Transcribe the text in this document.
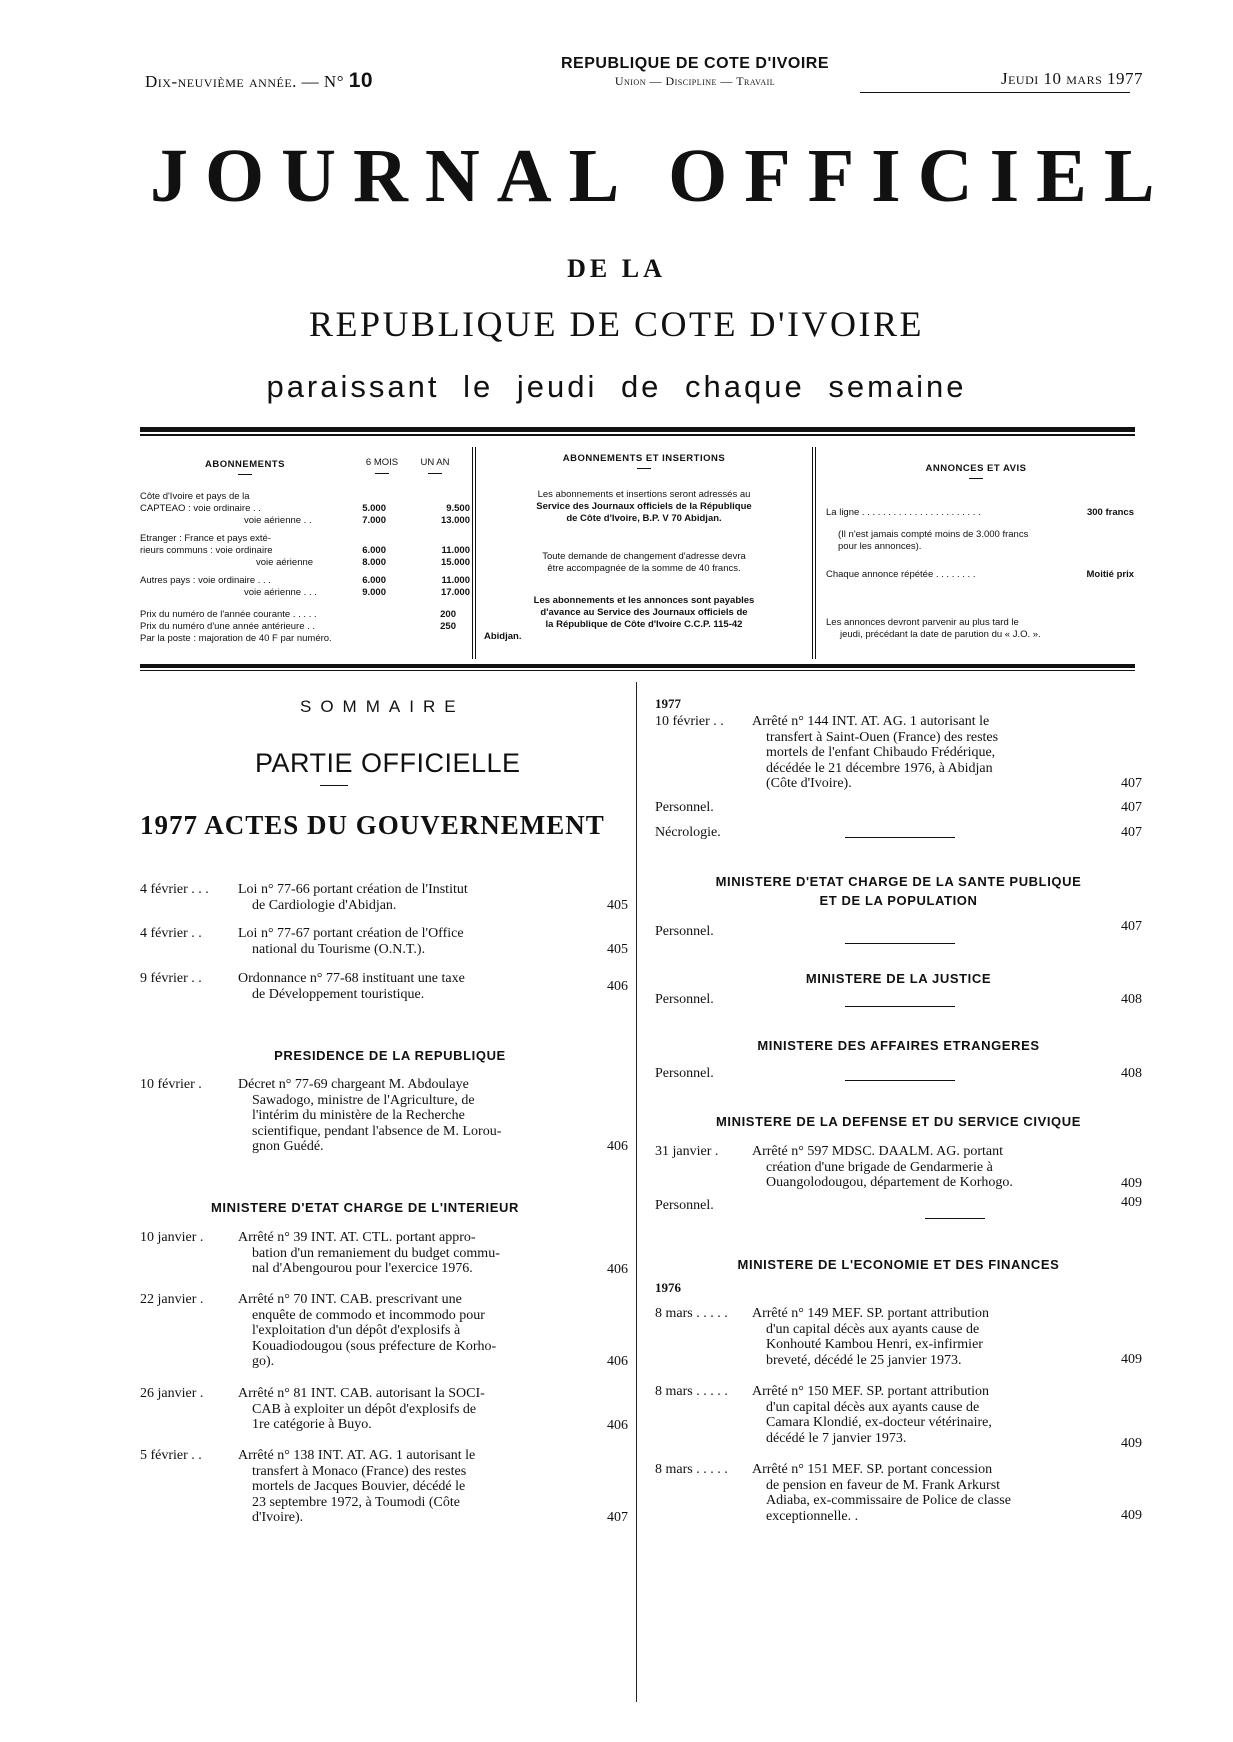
Dix-neuvième année. — N° 10
REPUBLIQUE DE COTE D'IVOIRE
Union — Discipline — Travail	Jeudi 10 mars 1977
JOURNAL OFFICIEL
DE LA
REPUBLIQUE DE COTE D'IVOIRE
paraissant le jeudi de chaque semaine
ABONNEMENTS	6 MOIS	UN AN
Côte d'Ivoire et pays de la
CAPTEAO : voie ordinaire . .	5.000	9.500
voie aérienne . .	7.000	13.000
Etranger : France et pays exté-
rieurs communs : voie ordinaire	6.000	11.000
voie aérienne	8.000	15.000
Autres pays : voie ordinaire . . .	6.000	11.000
voie aérienne . . .	9.000	17.000
Prix du numéro de l'année courante . . . . .	200
Prix du numéro d'une année antérieure . .	250
Par la poste : majoration de 40 F par numéro.
ABONNEMENTS ET INSERTIONS
Les abonnements et insertions seront adressés au
Service des Journaux officiels de la République
de Côte d'Ivoire, B.P. V 70 Abidjan.
Toute demande de changement d'adresse devra
être accompagnée de la somme de 40 francs.
Les abonnements et les annonces sont payables
d'avance au Service des Journaux officiels de
la République de Côte d'Ivoire C.C.P. 115-42
Abidjan.
ANNONCES ET AVIS
La ligne . . . . . . . . . . . . . . . . . . . . . . .	300 francs
(Il n'est jamais compté moins de 3.000 francs
pour les annonces).
Chaque annonce répétée . . . . . . . .	Moitié prix
Les annonces devront parvenir au plus tard le
jeudi, précédant la date de parution du « J.O. ».
SOMMAIRE
PARTIE OFFICIELLE
1977 ACTES DU GOUVERNEMENT
4 février . . .	Loi n° 77-66 portant création de l'Institut
de Cardiologie d'Abidjan.	405
4 février . .	Loi n° 77-67 portant création de l'Office
national du Tourisme (O.N.T.).	405
9 février . .	Ordonnance n° 77-68 instituant une taxe
de Développement touristique.	406
PRESIDENCE DE LA REPUBLIQUE
10 février .	Décret n° 77-69 chargeant M. Abdoulaye
Sawadogo, ministre de l'Agriculture, de
l'intérim du ministère de la Recherche
scientifique, pendant l'absence de M. Lorou-
gnon Guédé.	406
MINISTERE D'ETAT CHARGE DE L'INTERIEUR
10 janvier .	Arrêté n° 39 INT. AT. CTL. portant appro-
bation d'un remaniement du budget commu-
nal d'Abengourou pour l'exercice 1976.	406
22 janvier .	Arrêté n° 70 INT. CAB. prescrivant une
enquête de commodo et incommodo pour
l'exploitation d'un dépôt d'explosifs à
Kouadiodougou (sous préfecture de Korho-
go).	406
26 janvier .	Arrêté n° 81 INT. CAB. autorisant la SOCI-
CAB à exploiter un dépôt d'explosifs de
1re catégorie à Buyo.	406
5 février . .	Arrêté n° 138 INT. AT. AG. 1 autorisant le
transfert à Monaco (France) des restes
mortels de Jacques Bouvier, décédé le
23 septembre 1972, à Toumodi (Côte
d'Ivoire).	407
1977
10 février . .	Arrêté n° 144 INT. AT. AG. 1 autorisant le
transfert à Saint-Ouen (France) des restes
mortels de l'enfant Chibaudo Frédérique,
décédée le 21 décembre 1976, à Abidjan
(Côte d'Ivoire).	407
Personnel.	407
Nécrologie.	407
MINISTERE D'ETAT CHARGE DE LA SANTE PUBLIQUE
ET DE LA POPULATION
Personnel.	407
MINISTERE DE LA JUSTICE
Personnel.	408
MINISTERE DES AFFAIRES ETRANGERES
Personnel.	408
MINISTERE DE LA DEFENSE ET DU SERVICE CIVIQUE
31 janvier .	Arrêté n° 597 MDSC. DAALM. AG. portant
création d'une brigade de Gendarmerie à
Ouangolodougou, département de Korhogo.	409
Personnel.	409
MINISTERE DE L'ECONOMIE ET DES FINANCES
1976
8 mars . . . . .	Arrêté n° 149 MEF. SP. portant attribution
d'un capital décès aux ayants cause de
Konhouté Kambou Henri, ex-infirmier
breveté, décédé le 25 janvier 1973.	409
8 mars . . . . .	Arrêté n° 150 MEF. SP. portant attribution
d'un capital décès aux ayants cause de
Camara Klondié, ex-docteur vétérinaire,
décédé le 7 janvier 1973.	409
8 mars . . . . .	Arrêté n° 151 MEF. SP. portant concession
de pension en faveur de M. Frank Arkurst
Adiaba, ex-commissaire de Police de classe
exceptionnelle. .	409
